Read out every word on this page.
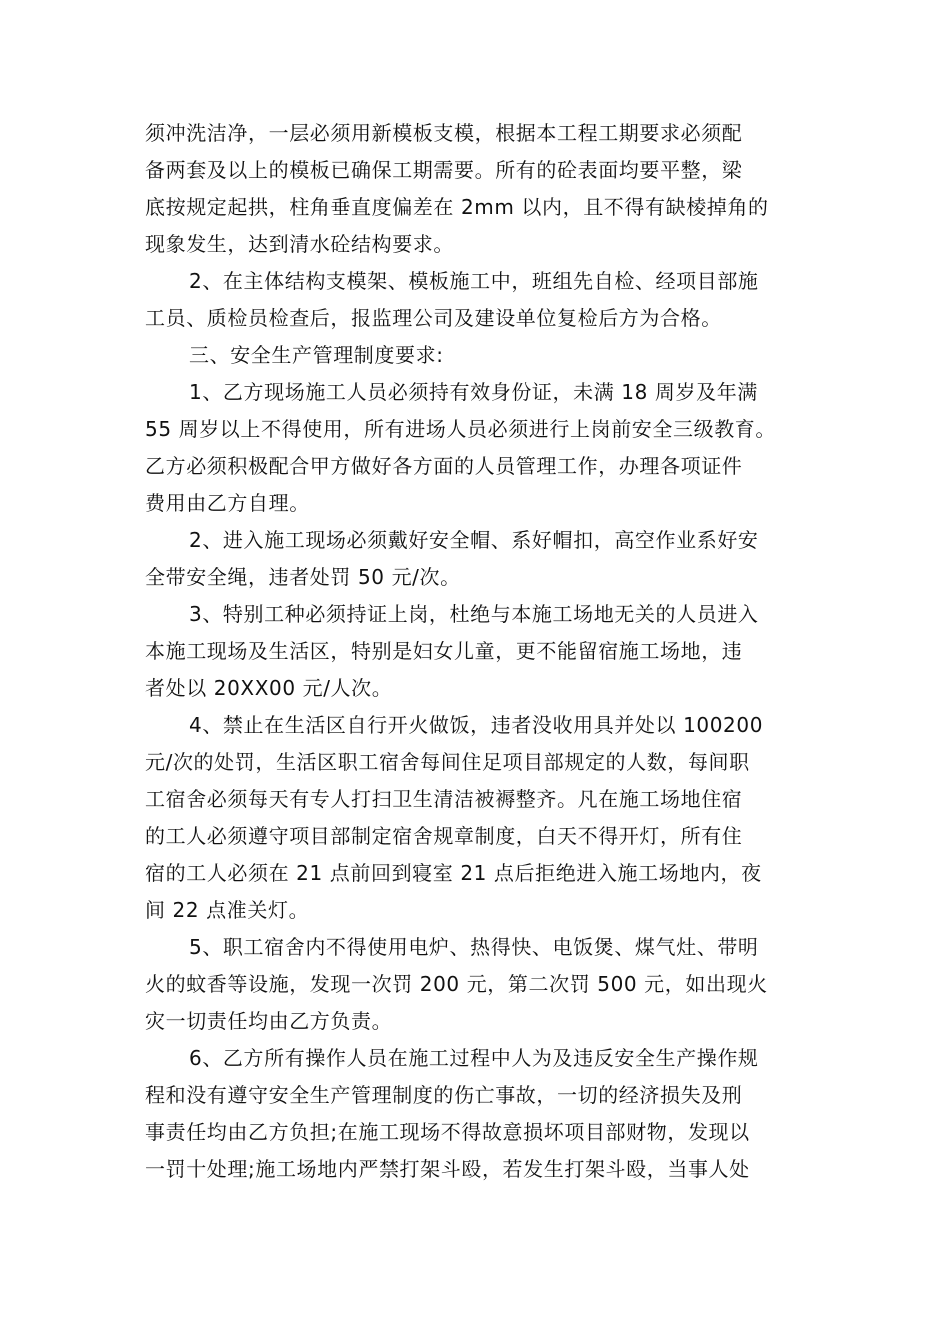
须冲洗洁净，一层必须用新模板支模，根据本工程工期要求必须配
备两套及以上的模板已确保工期需要。所有的砼表面均要平整，梁
底按规定起拱，柱角垂直度偏差在 2mm 以内，且不得有缺棱掉角的
现象发生，达到清水砼结构要求。
2、在主体结构支模架、模板施工中，班组先自检、经项目部施
工员、质检员检查后，报监理公司及建设单位复检后方为合格。
三、安全生产管理制度要求:
1、乙方现场施工人员必须持有效身份证，未满 18 周岁及年满
55 周岁以上不得使用，所有进场人员必须进行上岗前安全三级教育。
乙方必须积极配合甲方做好各方面的人员管理工作，办理各项证件
费用由乙方自理。
2、进入施工现场必须戴好安全帽、系好帽扣，高空作业系好安
全带安全绳，违者处罚 50 元/次。
3、特别工种必须持证上岗，杜绝与本施工场地无关的人员进入
本施工现场及生活区，特别是妇女儿童，更不能留宿施工场地，违
者处以 20XX00 元/人次。
4、禁止在生活区自行开火做饭，违者没收用具并处以 100200
元/次的处罚，生活区职工宿舍每间住足项目部规定的人数，每间职
工宿舍必须每天有专人打扫卫生清洁被褥整齐。凡在施工场地住宿
的工人必须遵守项目部制定宿舍规章制度，白天不得开灯，所有住
宿的工人必须在 21 点前回到寝室 21 点后拒绝进入施工场地内，夜
间 22 点准关灯。
5、职工宿舍内不得使用电炉、热得快、电饭煲、煤气灶、带明
火的蚊香等设施，发现一次罚 200 元，第二次罚 500 元，如出现火
灾一切责任均由乙方负责。
6、乙方所有操作人员在施工过程中人为及违反安全生产操作规
程和没有遵守安全生产管理制度的伤亡事故，一切的经济损失及刑
事责任均由乙方负担;在施工现场不得故意损坏项目部财物，发现以
一罚十处理;施工场地内严禁打架斗殴，若发生打架斗殴，当事人处
